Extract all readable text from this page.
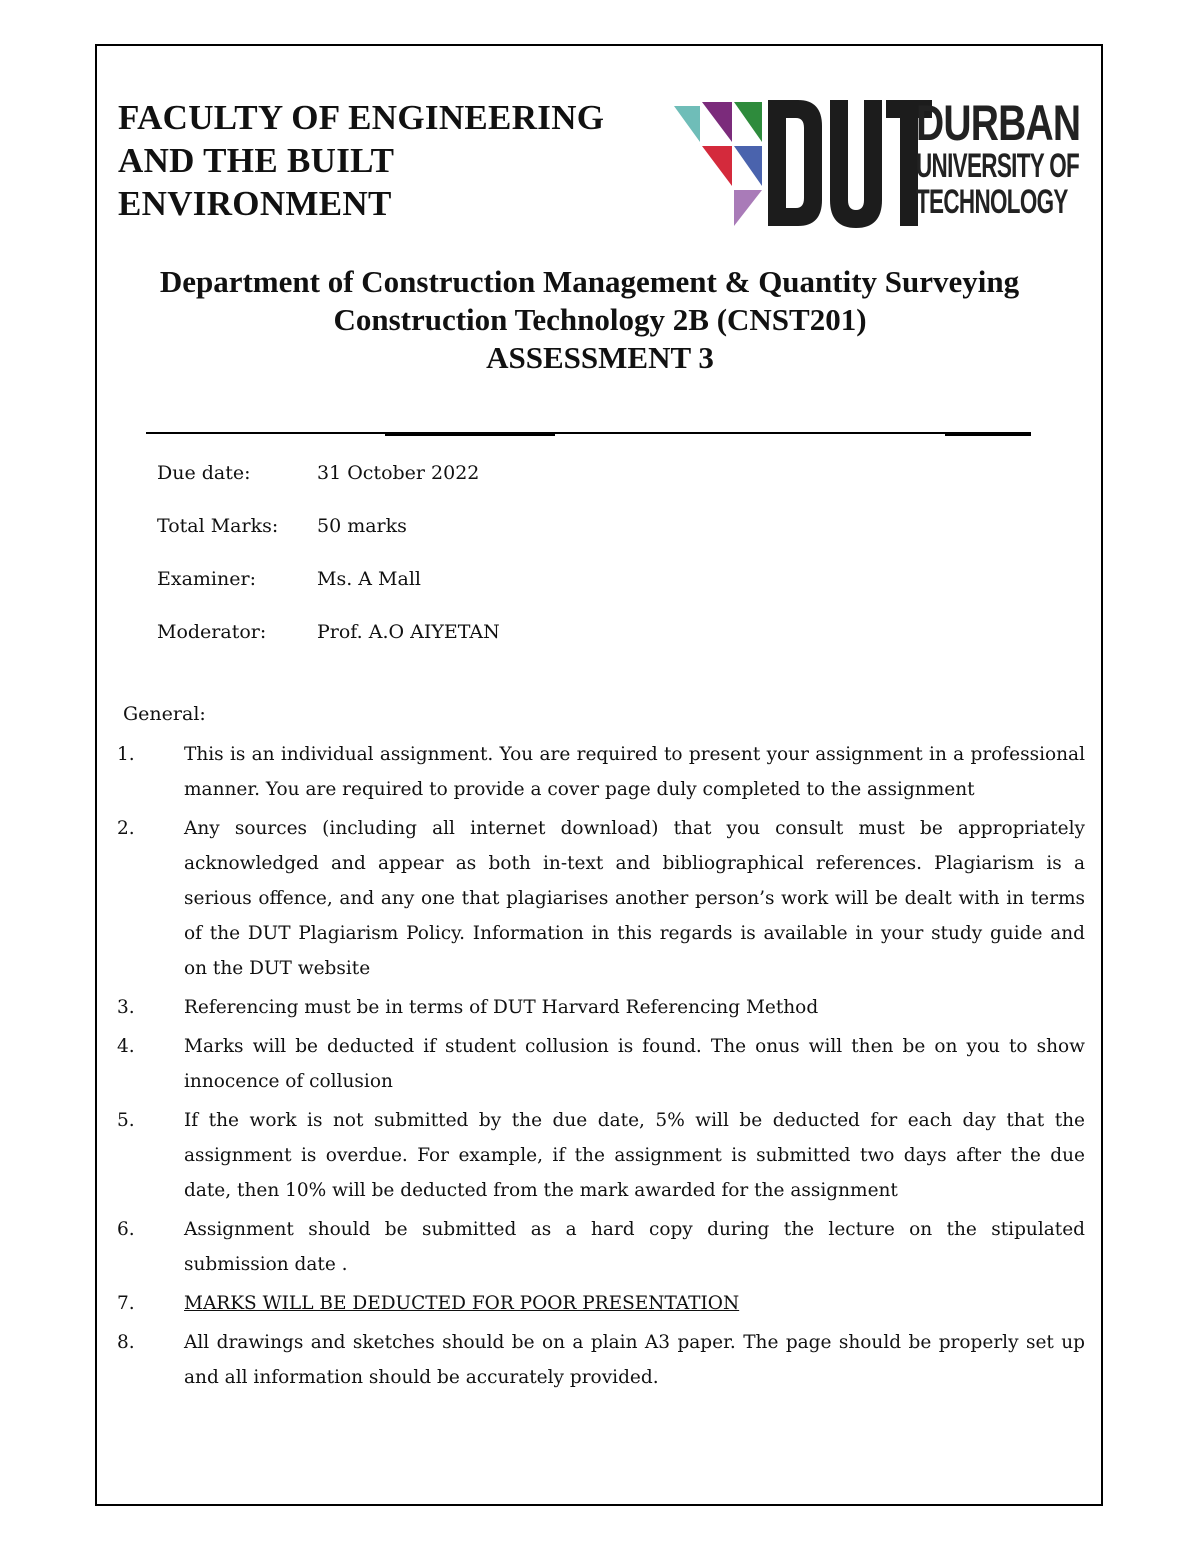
FACULTY OF ENGINEERING
AND THE BUILT
ENVIRONMENT
DURBAN
UNIVERSITY OF
TECHNOLOGY
Department of Construction Management & Quantity Surveying
Construction Technology 2B (CNST201)
ASSESSMENT 3
Due date:	31 October 2022
Total Marks:	50 marks
Examiner:	Ms. A Mall
Moderator:	Prof. A.O AIYETAN
General:
1.	This is an individual assignment. You are required to present your assignment in a professional manner. You are required to provide a cover page duly completed to the assignment
2.	Any sources (including all internet download) that you consult must be appropriately acknowledged and appear as both in-text and bibliographical references. Plagiarism is a serious offence, and any one that plagiarises another person’s work will be dealt with in terms of the DUT Plagiarism Policy. Information in this regards is available in your study guide and on the DUT website
3.	Referencing must be in terms of DUT Harvard Referencing Method
4.	Marks will be deducted if student collusion is found. The onus will then be on you to show innocence of collusion
5.	If the work is not submitted by the due date, 5% will be deducted for each day that the assignment is overdue. For example, if the assignment is submitted two days after the due date, then 10% will be deducted from the mark awarded for the assignment
6.	Assignment should be submitted as a hard copy during the lecture on the stipulated submission date .
7.	MARKS WILL BE DEDUCTED FOR POOR PRESENTATION
8.	All drawings and sketches should be on a plain A3 paper. The page should be properly set up and all information should be accurately provided.
